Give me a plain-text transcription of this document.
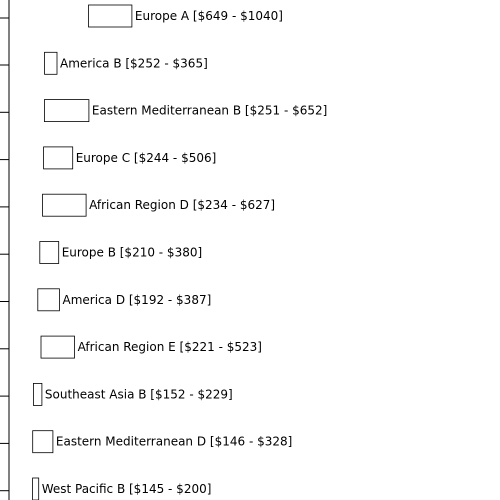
Europe A [$649 - $1040]
America B [$252 - $365]
Eastern Mediterranean B [$251 - $652]
Europe C [$244 - $506]
African Region D [$234 - $627]
Europe B [$210 - $380]
America D [$192 - $387]
African Region E [$221 - $523]
Southeast Asia B [$152 - $229]
Eastern Mediterranean D [$146 - $328]
West Pacific B [$145 - $200]
